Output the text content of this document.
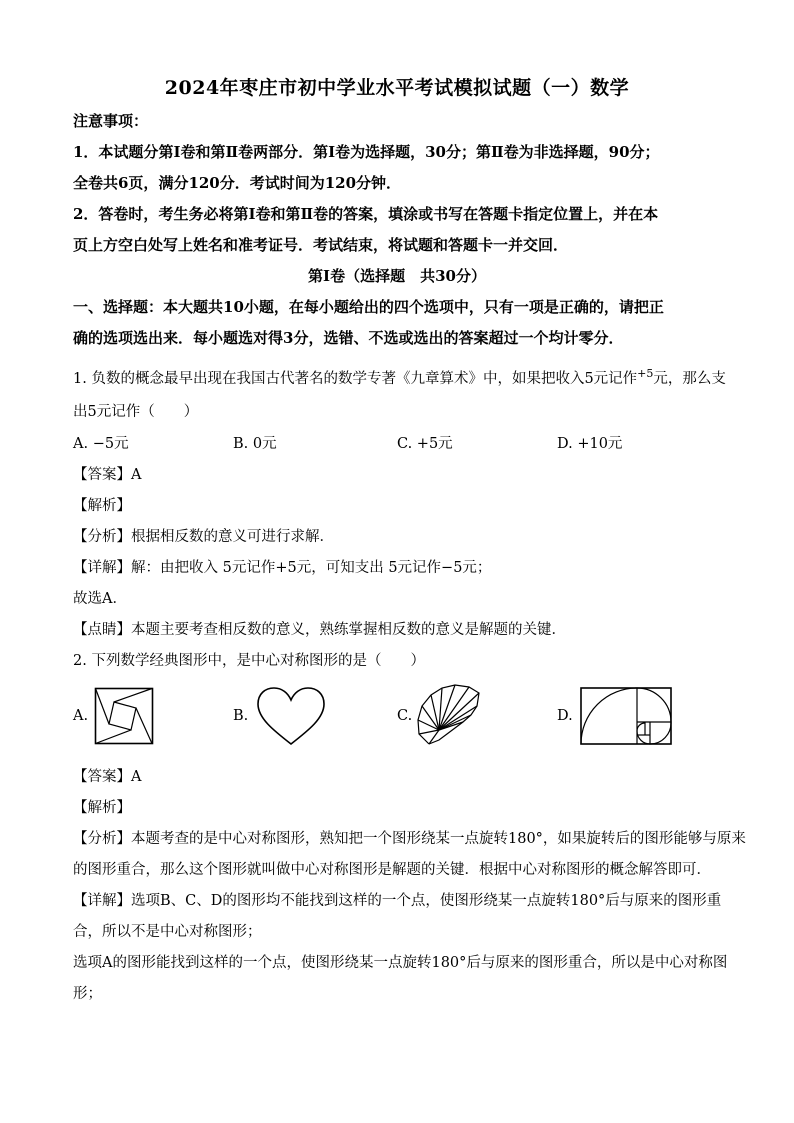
2024年枣庄市初中学业水平考试模拟试题（一）数学
注意事项：
1．本试题分第Ⅰ卷和第Ⅱ卷两部分．第Ⅰ卷为选择题，30分；第Ⅱ卷为非选择题，90分；
全卷共6页，满分120分．考试时间为120分钟．
2．答卷时，考生务必将第Ⅰ卷和第Ⅱ卷的答案，填涂或书写在答题卡指定位置上，并在本
页上方空白处写上姓名和准考证号．考试结束，将试题和答题卡一并交回．
第Ⅰ卷（选择题　共30分）
一、选择题：本大题共10小题，在每小题给出的四个选项中，只有一项是正确的，请把正
确的选项选出来．每小题选对得3分，选错、不选或选出的答案超过一个均计零分．
1. 负数的概念最早出现在我国古代著名的数学专著《九章算术》中，如果把收入5元记作$^{+5}$元，那么支
出5元记作（　　）
A. −5元	B. 0元	C. +5元	D. +10元
【答案】A
【解析】
【分析】根据相反数的意义可进行求解．
【详解】解：由把收入 5元记作+5元，可知支出 5元记作−5元；
故选A．
【点睛】本题主要考查相反数的意义，熟练掌握相反数的意义是解题的关键．
2. 下列数学经典图形中，是中心对称图形的是（　　）
A.	B.	C.	D.
【答案】A
【解析】
【分析】本题考查的是中心对称图形，熟知把一个图形绕某一点旋转180°，如果旋转后的图形能够与原来
的图形重合，那么这个图形就叫做中心对称图形是解题的关键．根据中心对称图形的概念解答即可．
【详解】选项B、C、D的图形均不能找到这样的一个点，使图形绕某一点旋转180°后与原来的图形重
合，所以不是中心对称图形；
选项A的图形能找到这样的一个点，使图形绕某一点旋转180°后与原来的图形重合，所以是中心对称图
形；
